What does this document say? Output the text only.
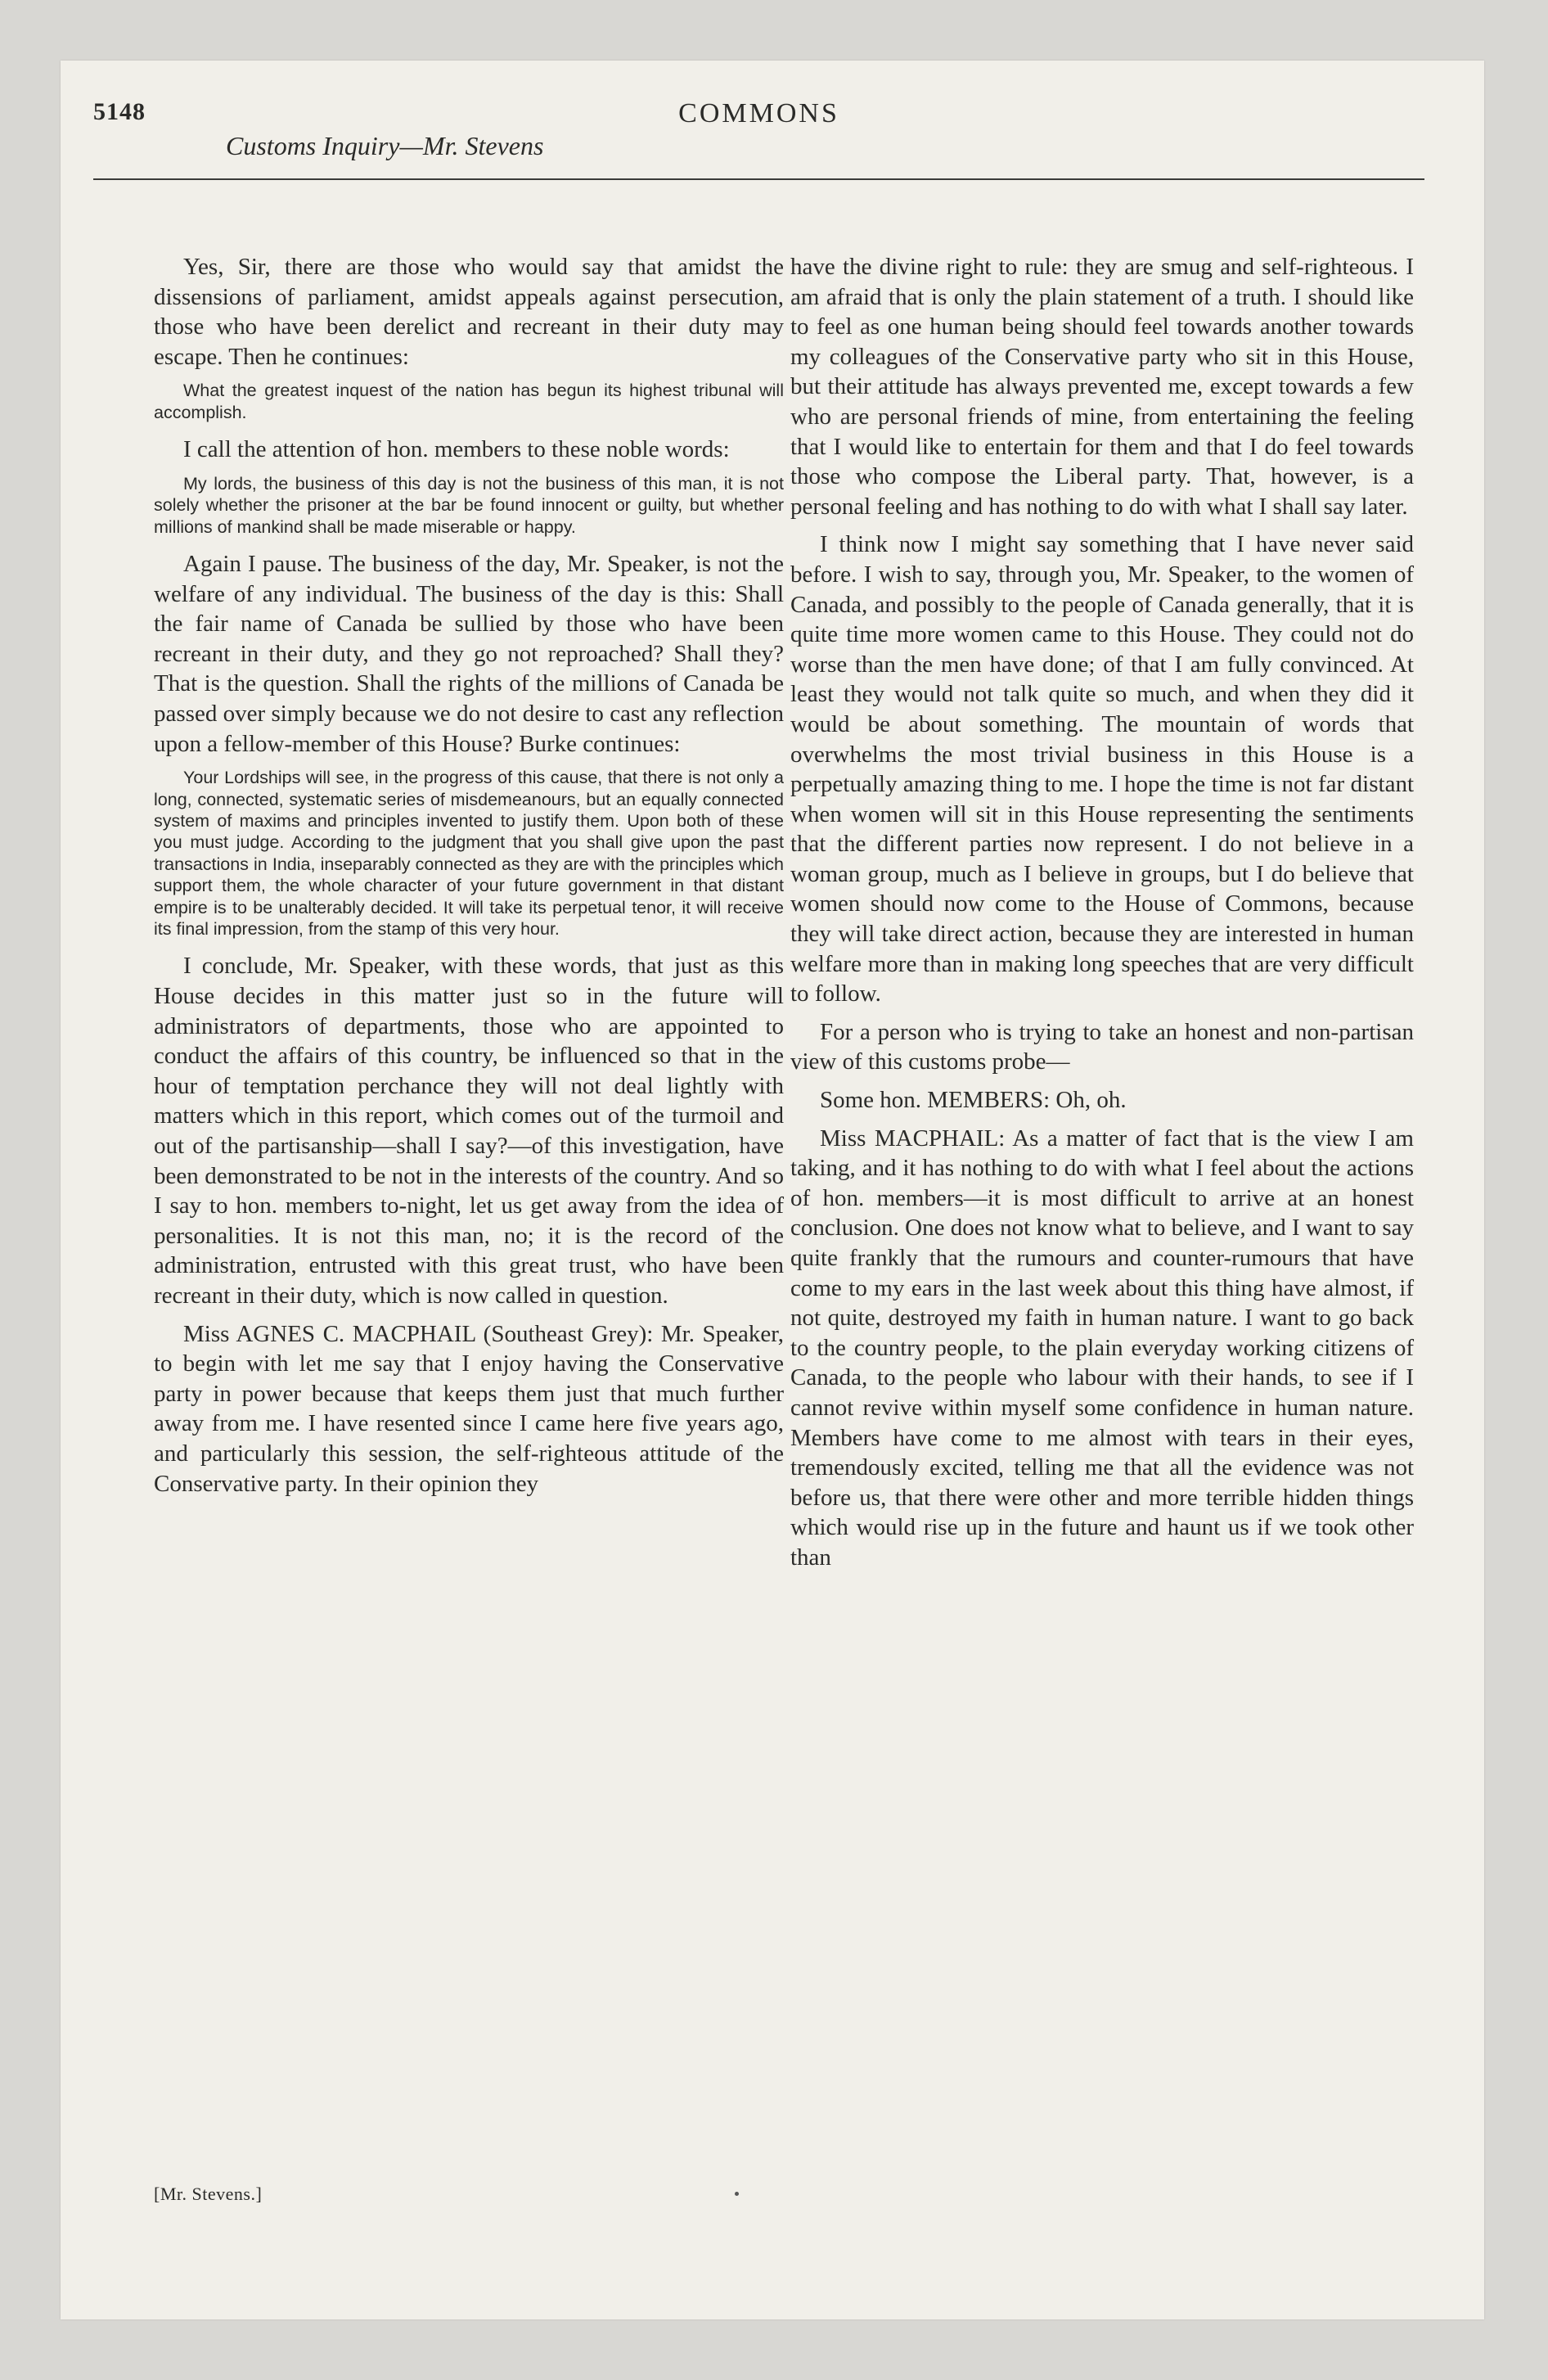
5148	COMMONS
Customs Inquiry—Mr. Stevens

Yes, Sir, there are those who would say that amidst the dissensions of parliament, amidst appeals against persecution, those who have been derelict and recreant in their duty may escape. Then he continues:

What the greatest inquest of the nation has begun its highest tribunal will accomplish.

I call the attention of hon. members to these noble words:

My lords, the business of this day is not the business of this man, it is not solely whether the prisoner at the bar be found innocent or guilty, but whether millions of mankind shall be made miserable or happy.

Again I pause. The business of the day, Mr. Speaker, is not the welfare of any individual. The business of the day is this: Shall the fair name of Canada be sullied by those who have been recreant in their duty, and they go not reproached? Shall they? That is the question. Shall the rights of the millions of Canada be passed over simply because we do not desire to cast any reflection upon a fellow-member of this House? Burke continues:

Your Lordships will see, in the progress of this cause, that there is not only a long, connected, systematic series of misdemeanours, but an equally connected system of maxims and principles invented to justify them. Upon both of these you must judge. According to the judgment that you shall give upon the past transactions in India, inseparably connected as they are with the principles which support them, the whole character of your future government in that distant empire is to be unalterably decided. It will take its perpetual tenor, it will receive its final impression, from the stamp of this very hour.

I conclude, Mr. Speaker, with these words, that just as this House decides in this matter just so in the future will administrators of departments, those who are appointed to conduct the affairs of this country, be influenced so that in the hour of temptation perchance they will not deal lightly with matters which in this report, which comes out of the turmoil and out of the partisanship—shall I say?—of this investigation, have been demonstrated to be not in the interests of the country. And so I say to hon. members to-night, let us get away from the idea of personalities. It is not this man, no; it is the record of the administration, entrusted with this great trust, who have been recreant in their duty, which is now called in question.

Miss AGNES C. MACPHAIL (Southeast Grey): Mr. Speaker, to begin with let me say that I enjoy having the Conservative party in power because that keeps them just that much further away from me. I have resented since I came here five years ago, and particularly this session, the self-righteous attitude of the Conservative party. In their opinion they

have the divine right to rule: they are smug and self-righteous. I am afraid that is only the plain statement of a truth. I should like to feel as one human being should feel towards another towards my colleagues of the Conservative party who sit in this House, but their attitude has always prevented me, except towards a few who are personal friends of mine, from entertaining the feeling that I would like to entertain for them and that I do feel towards those who compose the Liberal party. That, however, is a personal feeling and has nothing to do with what I shall say later.

I think now I might say something that I have never said before. I wish to say, through you, Mr. Speaker, to the women of Canada, and possibly to the people of Canada generally, that it is quite time more women came to this House. They could not do worse than the men have done; of that I am fully convinced. At least they would not talk quite so much, and when they did it would be about something. The mountain of words that overwhelms the most trivial business in this House is a perpetually amazing thing to me. I hope the time is not far distant when women will sit in this House representing the sentiments that the different parties now represent. I do not believe in a woman group, much as I believe in groups, but I do believe that women should now come to the House of Commons, because they will take direct action, because they are interested in human welfare more than in making long speeches that are very difficult to follow.

For a person who is trying to take an honest and non-partisan view of this customs probe—

Some hon. MEMBERS: Oh, oh.

Miss MACPHAIL: As a matter of fact that is the view I am taking, and it has nothing to do with what I feel about the actions of hon. members—it is most difficult to arrive at an honest conclusion. One does not know what to believe, and I want to say quite frankly that the rumours and counter-rumours that have come to my ears in the last week about this thing have almost, if not quite, destroyed my faith in human nature. I want to go back to the country people, to the plain everyday working citizens of Canada, to the people who labour with their hands, to see if I cannot revive within myself some confidence in human nature. Members have come to me almost with tears in their eyes, tremendously excited, telling me that all the evidence was not before us, that there were other and more terrible hidden things which would rise up in the future and haunt us if we took other than

[Mr. Stevens.]
